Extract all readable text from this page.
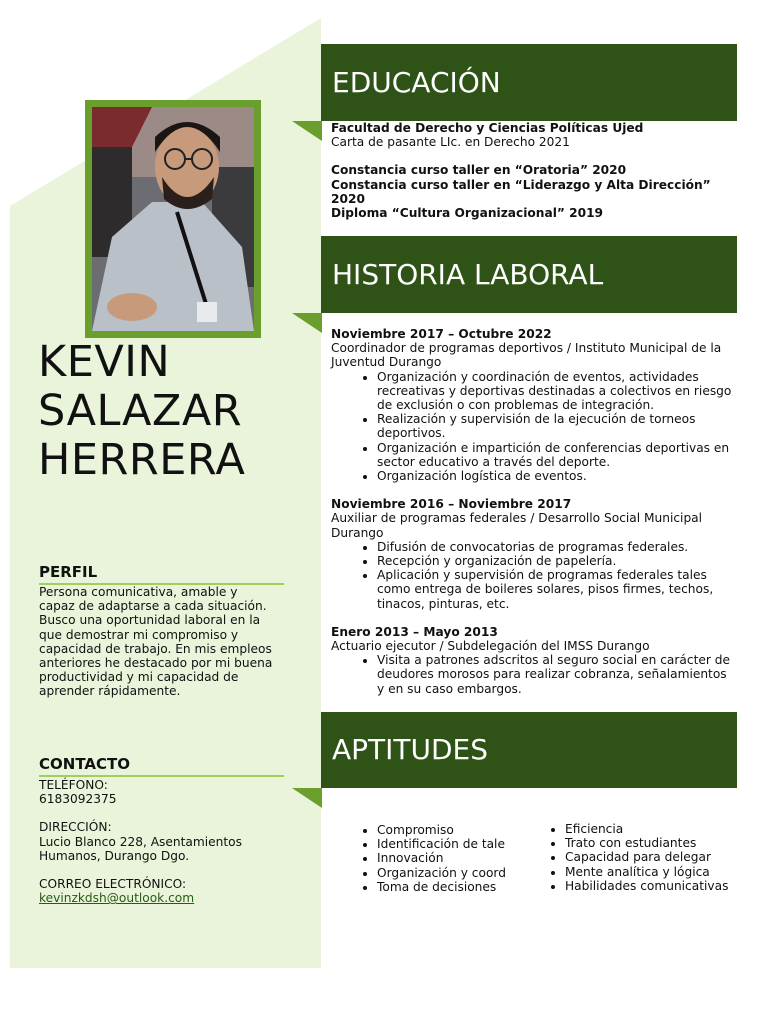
KEVIN
SALAZAR
HERRERA
PERFIL

Persona comunicativa, amable y capaz de adaptarse a cada situación. Busco una oportunidad laboral en la que demostrar mi compromiso y capacidad de trabajo. En mis empleos anteriores he destacado por mi buena productividad y mi capacidad de aprender rápidamente.

CONTACTO

TELÉFONO:

6183092375

DIRECCIÓN:

Lucio Blanco 228, Asentamientos

Humanos, Durango Dgo.

CORREO ELECTRÓNICO:

kevinzkdsh@outlook.com

EDUCACIÓN

Facultad de Derecho y Ciencias Políticas Ujed

Carta de pasante LIc. en Derecho 2021

Constancia curso taller en “Oratoria” 2020

Constancia curso taller en “Liderazgo y Alta Dirección” 2020

Diploma “Cultura Organizacional” 2019

HISTORIA LABORAL

Noviembre 2017 – Octubre 2022

Coordinador de programas deportivos / Instituto Municipal de la Juventud Durango

• Organización y coordinación de eventos, actividades recreativas y deportivas destinadas a colectivos en riesgo de exclusión o con problemas de integración.
• Realización y supervisión de la ejecución de torneos deportivos.
• Organización e impartición de conferencias deportivas en sector educativo a través del deporte.
• Organización logística de eventos.

Noviembre 2016 – Noviembre 2017

Auxiliar de programas federales / Desarrollo Social Municipal Durango

• Difusión de convocatorias de programas federales.
• Recepción y organización de papelería.
• Aplicación y supervisión de programas federales tales como entrega de boileres solares, pisos firmes, techos, tinacos, pinturas, etc.

Enero 2013 – Mayo 2013

Actuario ejecutor / Subdelegación del IMSS Durango

• Visita a patrones adscritos al seguro social en carácter de deudores morosos para realizar cobranza, señalamientos y en su caso embargos.
APTITUDES
• Compromiso
• Identificación de tale
• Innovación
• Organización y coord
• Toma de decisiones
• Eficiencia
• Trato con estudiantes
• Capacidad para delegar
• Mente analítica y lógica
• Habilidades comunicativas
